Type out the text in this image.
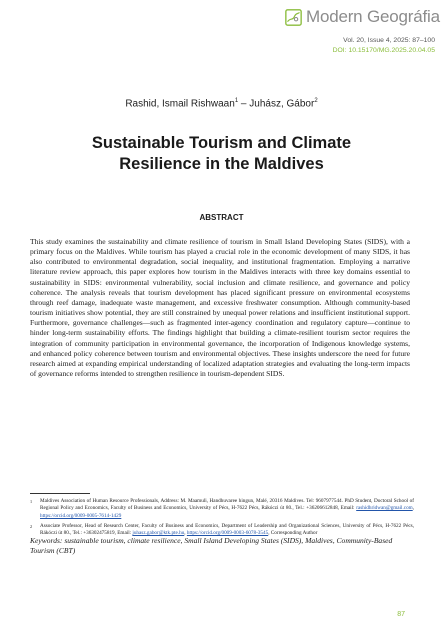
Modern Geográfia
Vol. 20, Issue 4, 2025: 87–100
DOI: 10.15170/MG.2025.20.04.05
Rashid, Ismail Rishwaan$^1$ – Juhász, Gábor$^2$
Sustainable Tourism and Climate
Resilience in the Maldives
ABSTRACT

This study examines the sustainability and climate resilience of tourism in Small Island Developing States (SIDS), with a primary focus on the Maldives. While tourism has played a crucial role in the economic development of many SIDS, it has also contributed to environmental degradation, social inequality, and institutional fragmentation. Employing a narrative literature review approach, this paper explores how tourism in the Maldives interacts with three key domains essential to sustainability in SIDS: environmental vulnerability, social inclusion and climate resilience, and governance and policy coherence. The analysis reveals that tourism development has placed significant pressure on environmental ecosystems through reef damage, inadequate waste management, and excessive freshwater consumption. Although community-based tourism initiatives show potential, they are still constrained by unequal power relations and insufficient institutional support. Furthermore, governance challenges—such as fragmented inter-agency coordination and regulatory capture—continue to hinder long-term sustainability efforts. The findings highlight that building a climate-resilient tourism sector requires the integration of community participation in environmental governance, the incorporation of Indigenous knowledge systems, and enhanced policy coherence between tourism and environmental objectives. These insights underscore the need for future research aimed at expanding empirical understanding of localized adaptation strategies and evaluating the long-term impacts of governance reforms intended to strengthen resilience in tourism-dependent SIDS.

Keywords: sustainable tourism, climate resilience, Small Island Developing States (SIDS), Maldives, Community-Based Tourism (CBT)

1	Maldives Association of Human Resource Professionals, Address: M. Maamuli, Handhuvaree hingun, Malé, 20316 Maldives. Tel: 9607977544. PhD Student, Doctoral School of Regional Policy and Economics, Faculty of Business and Economics, University of Pécs, H-7622 Pécs, Rákóczi út 80., Tel.: +36206612848, Email: rashidhridwan@gmail.com, https://orcid.org/0009-0005-7614-1429
2	Associate Professor, Head of Research Center, Faculty of Business and Economics, Department of Leadership and Organizational Sciences, University of Pécs, H-7622 Pécs, Rákóczi út 80., Tel.: +36302475819, Email: juhasz.gabor@ktk.pte.hu, https://orcid.org/0009-0003-6078-3545, Corresponding Author
87
